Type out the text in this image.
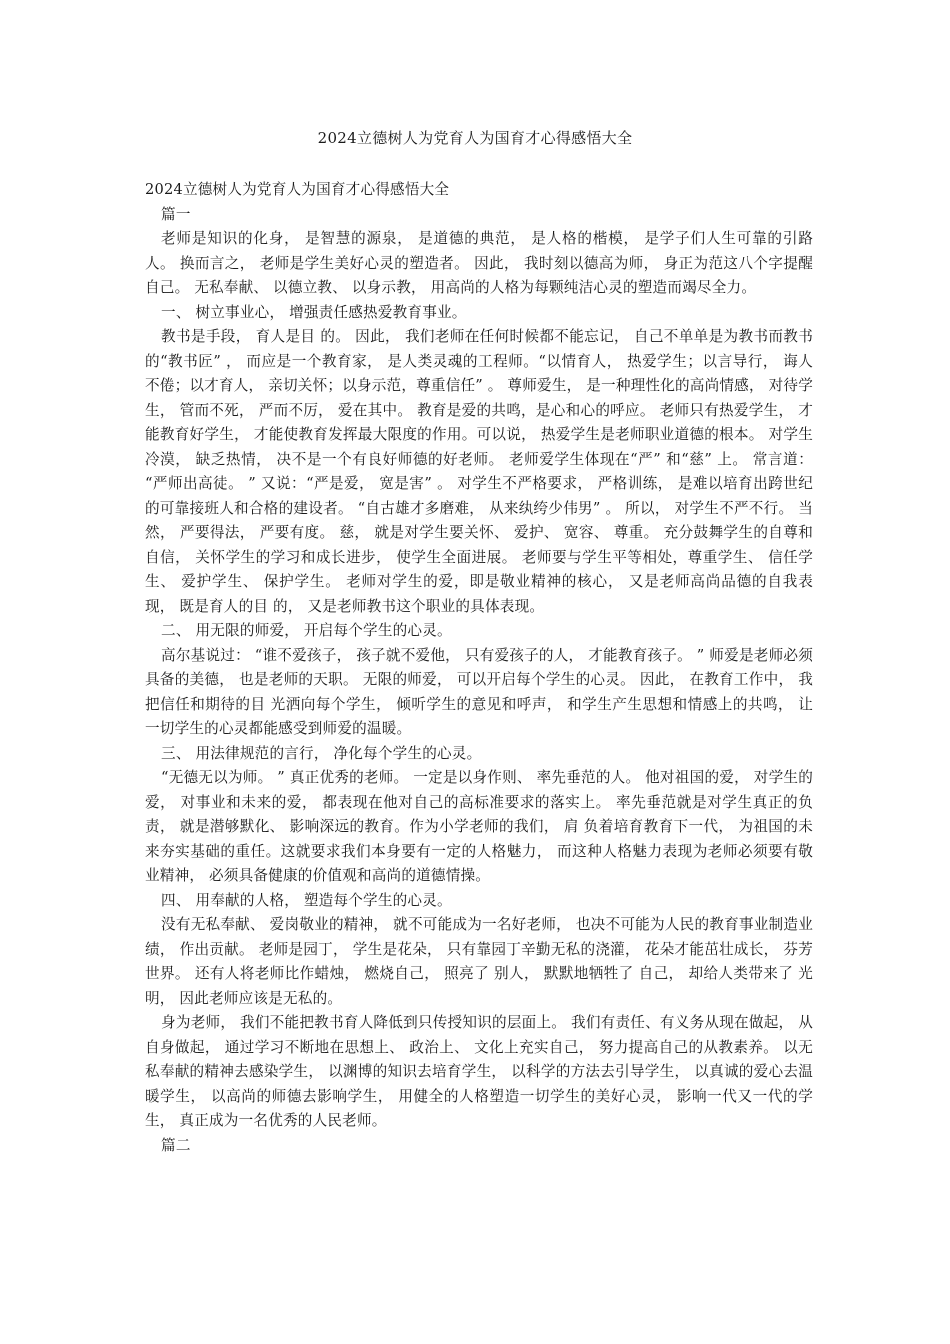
2024立德树人为党育人为国育才心得感悟大全

2024立德树人为党育人为国育才心得感悟大全

篇一

老师是知识的化身， 是智慧的源泉， 是道德的典范， 是人格的楷模， 是学子们人生可靠的引路人。 换而言之， 老师是学生美好心灵的塑造者。 因此， 我时刻以德高为师， 身正为范这八个字提醒自己。 无私奉献、 以德立教、 以身示教， 用高尚的人格为每颗纯洁心灵的塑造而竭尽全力。

一、 树立事业心， 增强责任感热爱教育事业。

教书是手段， 育人是目 的。 因此， 我们老师在任何时候都不能忘记， 自己不单单是为教书而教书的“教书匠” ， 而应是一个教育家， 是人类灵魂的工程师。“以情育人， 热爱学生；以言导行， 诲人不倦；以才育人， 亲切关怀；以身示范，尊重信任” 。 尊师爱生， 是一种理性化的高尚情感， 对待学生， 管而不死， 严而不厉， 爱在其中。 教育是爱的共鸣，是心和心的呼应。 老师只有热爱学生， 才能教育好学生， 才能使教育发挥最大限度的作用。可以说， 热爱学生是老师职业道德的根本。 对学生冷漠， 缺乏热情， 决不是一个有良好师德的好老师。 老师爱学生体现在“严” 和“慈” 上。 常言道： “严师出高徒。 ” 又说：“严是爱， 宽是害” 。 对学生不严格要求， 严格训练， 是难以培育出跨世纪的可靠接班人和合格的建设者。 “自古雄才多磨难， 从来纨绔少伟男” 。 所以， 对学生不严不行。 当然， 严要得法， 严要有度。 慈， 就是对学生要关怀、 爱护、 宽容、 尊重。 充分鼓舞学生的自尊和自信， 关怀学生的学习和成长进步， 使学生全面进展。 老师要与学生平等相处，尊重学生、 信任学生、 爱护学生、 保护学生。 老师对学生的爱，即是敬业精神的核心， 又是老师高尚品德的自我表现， 既是育人的目 的， 又是老师教书这个职业的具体表现。

二、 用无限的师爱， 开启每个学生的心灵。

高尔基说过： “谁不爱孩子， 孩子就不爱他， 只有爱孩子的人， 才能教育孩子。 ” 师爱是老师必须具备的美德， 也是老师的天职。 无限的师爱， 可以开启每个学生的心灵。 因此， 在教育工作中， 我把信任和期待的目 光洒向每个学生， 倾听学生的意见和呼声， 和学生产生思想和情感上的共鸣， 让一切学生的心灵都能感受到师爱的温暖。

三、 用法律规范的言行， 净化每个学生的心灵。

“无德无以为师。 ” 真正优秀的老师。 一定是以身作则、 率先垂范的人。 他对祖国的爱， 对学生的爱， 对事业和未来的爱， 都表现在他对自己的高标准要求的落实上。 率先垂范就是对学生真正的负责， 就是潜够默化、 影响深远的教育。作为小学老师的我们， 肩 负着培育教育下一代， 为祖国的未来夯实基础的重任。这就要求我们本身要有一定的人格魅力， 而这种人格魅力表现为老师必须要有敬业精神， 必须具备健康的价值观和高尚的道德情操。

四、 用奉献的人格， 塑造每个学生的心灵。

没有无私奉献、 爱岗敬业的精神， 就不可能成为一名好老师， 也决不可能为人民的教育事业制造业绩， 作出贡献。 老师是园丁， 学生是花朵， 只有靠园丁辛勤无私的浇灌， 花朵才能茁壮成长， 芬芳世界。 还有人将老师比作蜡烛， 燃烧自己， 照亮了 别人， 默默地牺牲了 自己， 却给人类带来了 光明， 因此老师应该是无私的。

身为老师， 我们不能把教书育人降低到只传授知识的层面上。 我们有责任、有义务从现在做起， 从自身做起， 通过学习不断地在思想上、 政治上、 文化上充实自己， 努力提高自己的从教素养。 以无私奉献的精神去感染学生， 以渊博的知识去培育学生， 以科学的方法去引导学生， 以真诚的爱心去温暖学生， 以高尚的师德去影响学生， 用健全的人格塑造一切学生的美好心灵， 影响一代又一代的学生， 真正成为一名优秀的人民老师。

篇二
